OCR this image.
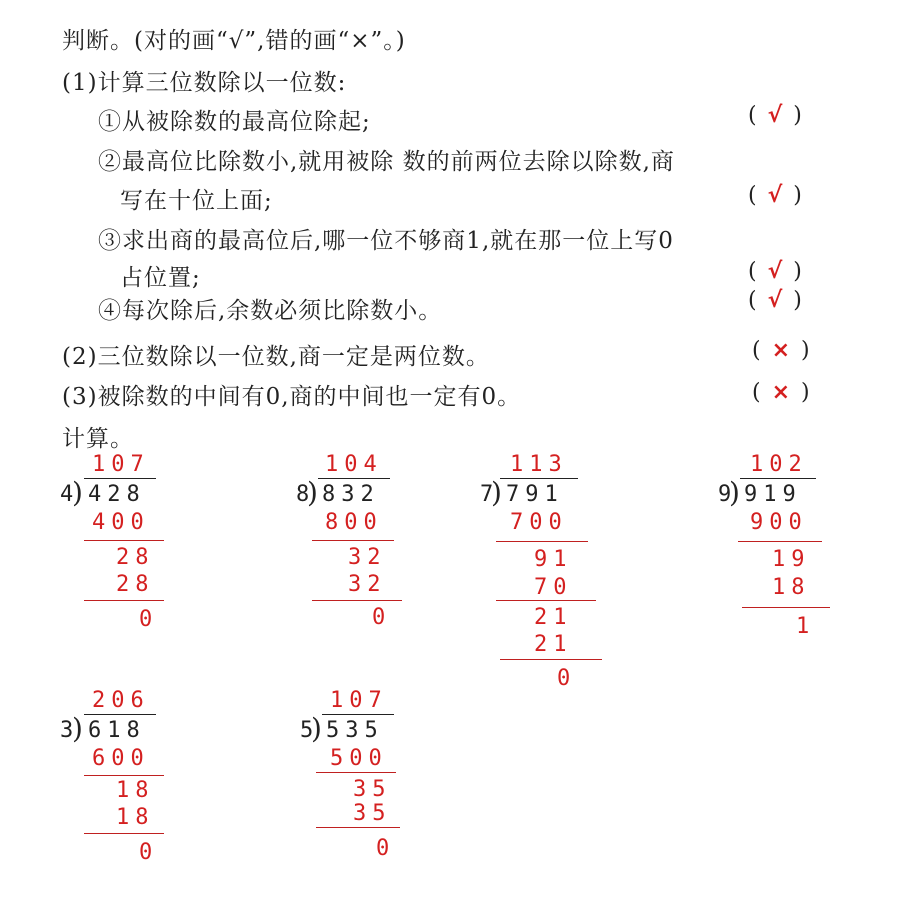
判断。(对的画“√”,错的画“×”。)
(1)计算三位数除以一位数:
①从被除数的最高位除起;	( √ )
②最高位比除数小,就用被除 数的前两位去除以除数,商
写在十位上面;	( √ )
③求出商的最高位后,哪一位不够商1,就在那一位上写0
占位置;	( √ )
④每次除后,余数必须比除数小。	( √ )
(2)三位数除以一位数,商一定是两位数。	( × )
(3)被除数的中间有0,商的中间也一定有0。	( × )
计算。
107
4
) 428
400
28
28
0
104
8
) 832
800
32
32
0
113
7
) 791
700
91
70
21
21
0
102
9
) 919
900
19
18
1
206
3
) 618
600
18
18
0
107
5
) 535
500
35
35
0
